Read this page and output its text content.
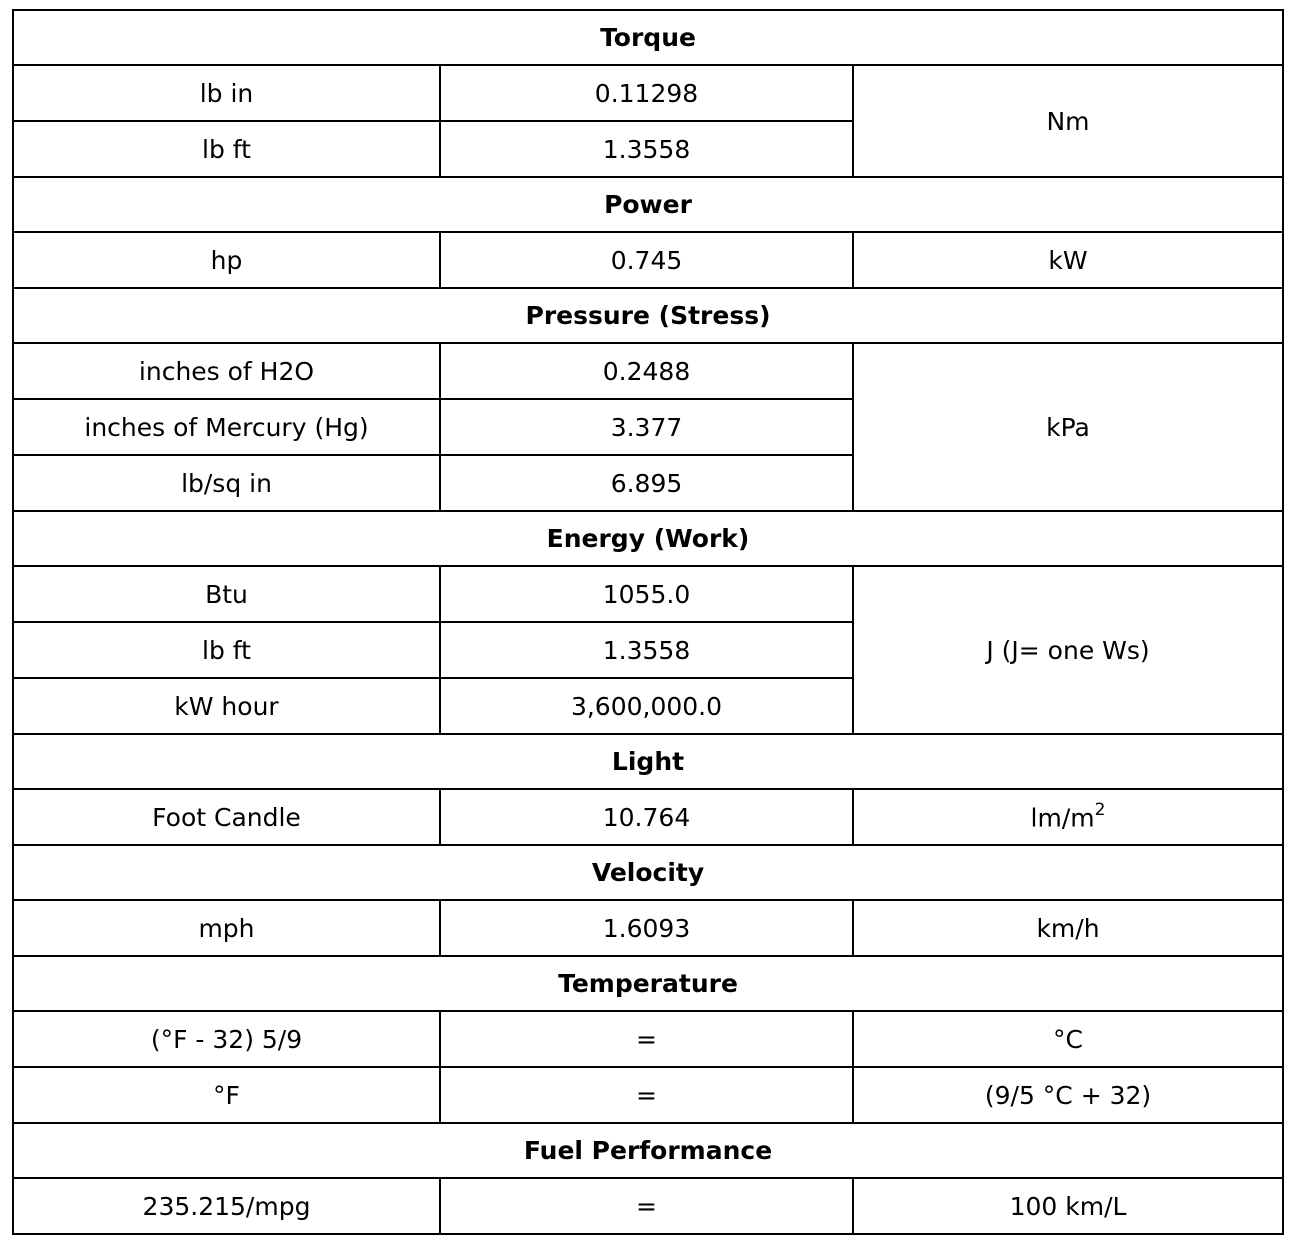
Torque		
lb in	0.11298	Nm
lb ft	1.3558	
Power		
hp	0.745	kW
Pressure (Stress)		
inches of H2O	0.2488	kPa
inches of Mercury (Hg)	3.377	
lb/sq in	6.895	
Energy (Work)		
Btu	1055.0	J (J= one Ws)
lb ft	1.3558	
kW hour	3,600,000.0	
Light		
Foot Candle	10.764	$lm/m^2$
Velocity		
mph	1.6093	km/h
Temperature		
(°F - 32) 5/9	=	°C
°F	=	(9/5 °C + 32)
Fuel Performance		
235.215/mpg	=	100 km/L
